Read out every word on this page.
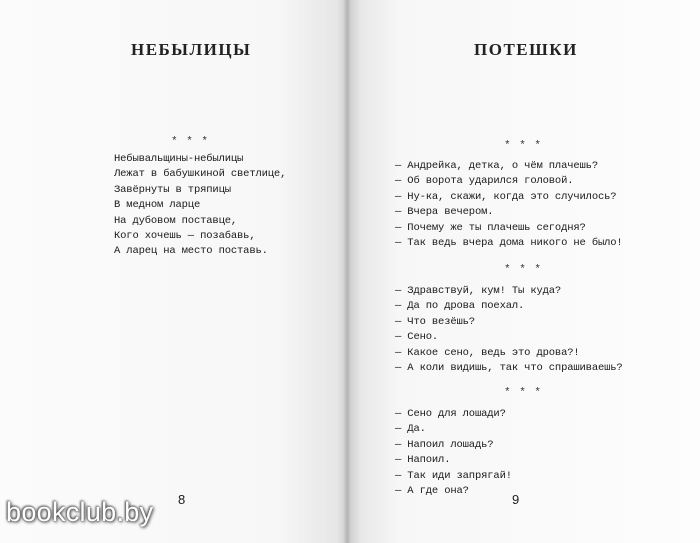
НЕБЫЛИЦЫ
* * *
Небывальщины-небылицы
Лежат в бабушкиной светлице,
Завёрнуты в тряпицы
В медном ларце
На дубовом поставце,
Кого хочешь — позабавь,
А ларец на место поставь.
8
ПОТЕШКИ
* * *
— Андрейка, детка, о чём плачешь?
— Об ворота ударился головой.
— Ну-ка, скажи, когда это случилось?
— Вчера вечером.
— Почему же ты плачешь сегодня?
— Так ведь вчера дома никого не было!
* * *
— Здравствуй, кум! Ты куда?
— Да по дрова поехал.
— Что везёшь?
— Сено.
— Какое сено, ведь это дрова?!
— А коли видишь, так что спрашиваешь?
* * *
— Сено для лошади?
— Да.
— Напоил лошадь?
— Напоил.
— Так иди запрягай!
— А где она?
9
bookclub.by
